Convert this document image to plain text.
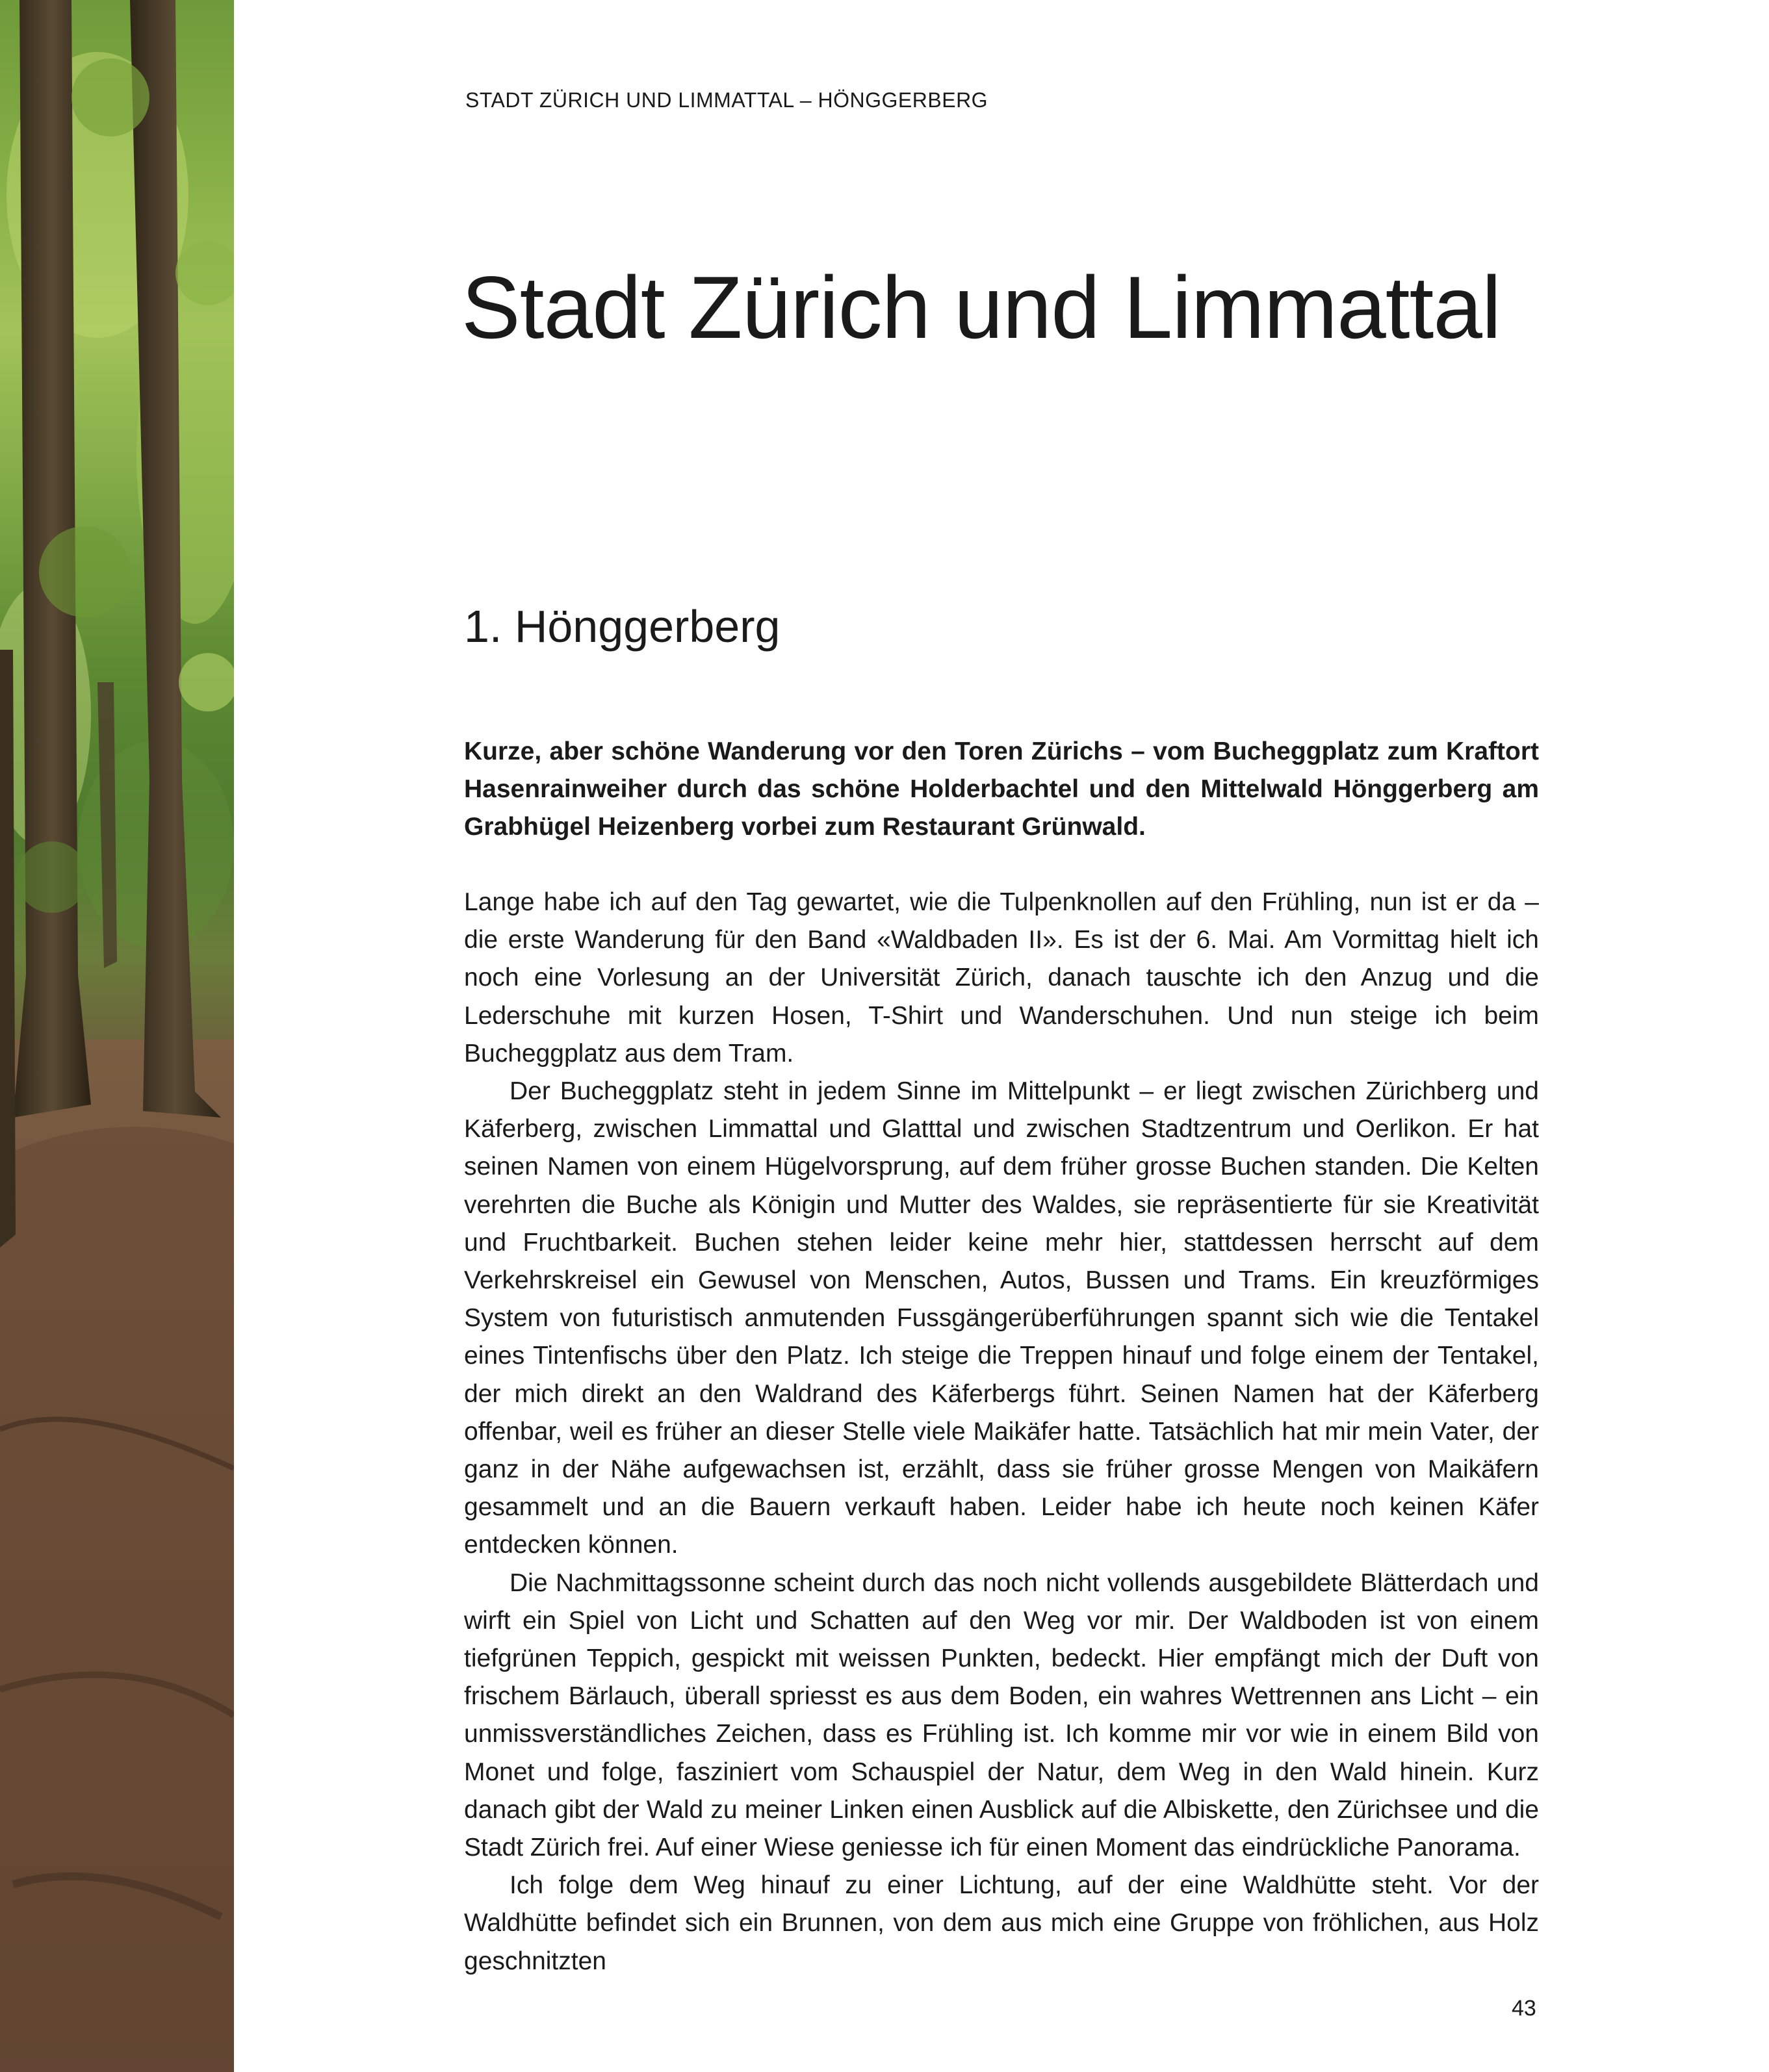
STADT ZÜRICH UND LIMMATTAL – HÖNGGERBERG
Stadt Zürich und Limmattal
1. Hönggerberg

Kurze, aber schöne Wanderung vor den Toren Zürichs – vom Bucheggplatz zum Kraftort Hasenrainweiher durch das schöne Holderbachtel und den Mittelwald Hönggerberg am Grabhügel Heizenberg vorbei zum Restaurant Grünwald.

Lange habe ich auf den Tag gewartet, wie die Tulpenknollen auf den Frühling, nun ist er da – die erste Wanderung für den Band «Waldbaden II». Es ist der 6. Mai. Am Vormittag hielt ich noch eine Vorlesung an der Universität Zürich, danach tauschte ich den Anzug und die Lederschuhe mit kurzen Hosen, T-Shirt und Wanderschuhen. Und nun steige ich beim Bucheggplatz aus dem Tram.

Der Bucheggplatz steht in jedem Sinne im Mittelpunkt – er liegt zwischen Zürichberg und Käferberg, zwischen Limmattal und Glatttal und zwischen Stadtzentrum und Oerlikon. Er hat seinen Namen von einem Hügelvorsprung, auf dem früher grosse Buchen standen. Die Kelten verehrten die Buche als Königin und Mutter des Waldes, sie repräsentierte für sie Kreativität und Fruchtbarkeit. Buchen stehen leider keine mehr hier, stattdessen herrscht auf dem Verkehrskreisel ein Gewusel von Menschen, Autos, Bussen und Trams. Ein kreuzförmiges System von futuristisch anmutenden Fussgängerüberführungen spannt sich wie die Tentakel eines Tintenfischs über den Platz. Ich steige die Treppen hinauf und folge einem der Tentakel, der mich direkt an den Waldrand des Käferbergs führt. Seinen Namen hat der Käferberg offenbar, weil es früher an dieser Stelle viele Maikäfer hatte. Tatsächlich hat mir mein Vater, der ganz in der Nähe aufgewachsen ist, erzählt, dass sie früher grosse Mengen von Maikäfern gesammelt und an die Bauern verkauft haben. Leider habe ich heute noch keinen Käfer entdecken können.

Die Nachmittagssonne scheint durch das noch nicht vollends ausgebildete Blätterdach und wirft ein Spiel von Licht und Schatten auf den Weg vor mir. Der Waldboden ist von einem tiefgrünen Teppich, gespickt mit weissen Punkten, bedeckt. Hier empfängt mich der Duft von frischem Bärlauch, überall spriesst es aus dem Boden, ein wahres Wettrennen ans Licht – ein unmissverständliches Zeichen, dass es Frühling ist. Ich komme mir vor wie in einem Bild von Monet und folge, fasziniert vom Schauspiel der Natur, dem Weg in den Wald hinein. Kurz danach gibt der Wald zu meiner Linken einen Ausblick auf die Albiskette, den Zürichsee und die Stadt Zürich frei. Auf einer Wiese geniesse ich für einen Moment das eindrückliche Panorama.

Ich folge dem Weg hinauf zu einer Lichtung, auf der eine Waldhütte steht. Vor der Waldhütte befindet sich ein Brunnen, von dem aus mich eine Gruppe von fröhlichen, aus Holz geschnitzten

43
